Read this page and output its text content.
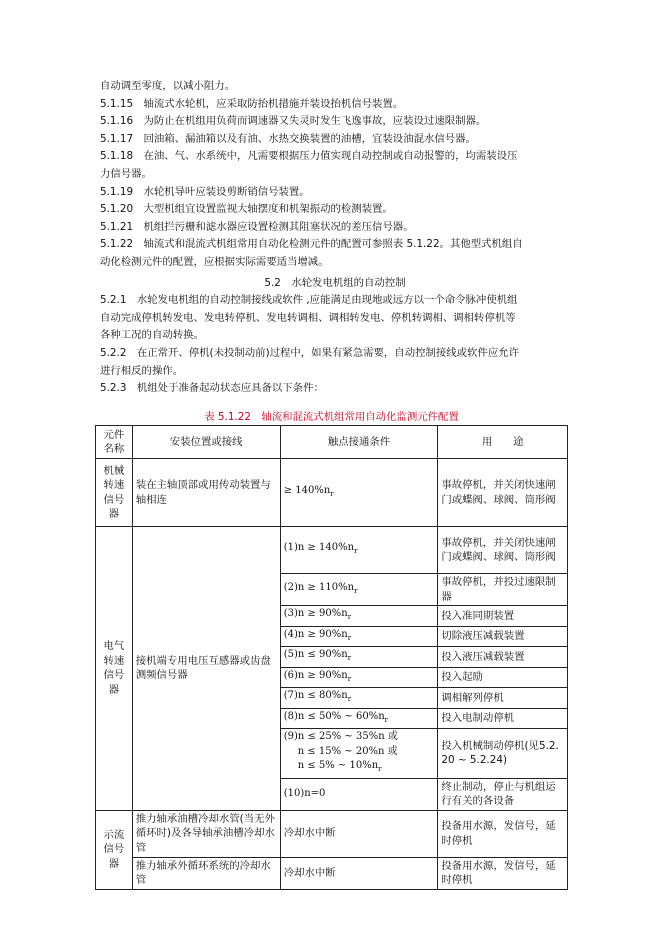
自动调至零度，以减小阻力。
5.1.15　轴流式水轮机，应采取防抬机措施并装设抬机信号装置。
5.1.16　为防止在机组用负荷而调速器又失灵时发生飞逸事故，应装设过速限制器。
5.1.17　回油箱、漏油箱以及有油、水热交换装置的油槽，宜装设油混水信号器。
5.1.18　在油、气、水系统中，凡需要根据压力值实现自动控制或自动报警的，均需装设压
力信号器。
5.1.19　水轮机导叶应装设剪断销信号装置。
5.1.20　大型机组宜设置监视大轴摆度和机架振动的检测装置。
5.1.21　机组拦污栅和滤水器应设置检测其阻塞状况的差压信号器。
5.1.22　轴流式和混流式机组常用自动化检测元件的配置可参照表 5.1.22。其他型式机组自
动化检测元件的配置，应根据实际需要适当增减。
5.2　水轮发电机组的自动控制
5.2.1　水轮发电机组的自动控制接线或软件 ,应能满足由现地或远方以一个命令脉冲使机组
自动完成停机转发电、发电转停机、发电转调相、调相转发电、停机转调相、调相转停机等
各种工况的自动转换。
5.2.2　在正常开、停机(未投制动前)过程中，如果有紧急需要，自动控制接线或软件应允许
进行相反的操作。
5.2.3　机组处于准备起动状态应具备以下条件：
表 5.1.22　轴流和混流式机组常用自动化监测元件配置
元件名称	安装位置或接线	触点接通条件	用　　途
机械转速信号器	装在主轴顶部或用传动装置与轴相连	≥ $140\%n_r$	事故停机，并关闭快速闸门或蝶阀、球阀、筒形阀
电气转速信号器	接机端专用电压互感器或齿盘测频信号器	$(1)n \ge 140\%n_r$	事故停机，并关闭快速闸门或蝶阀、球阀、筒形阀
		$(2)n \ge 110\%n_r$	事故停机，并投过速限制器
		$(3)n \ge 90\%n_r$	投入准同期装置
		$(4)n \ge 90\%n_r$	切除液压减载装置
		$(5)n \le 90\%n_r$	投入液压减载装置
		$(6)n \ge 90\%n_r$	投入起励
		$(7)n \le 80\%n_r$	调相解列停机
		(8)n ≤ 50% ~ $60\%n_r$	投入电制动停机

		(9)n ≤ 25% ~ 35%n 或
n ≤ 15% ~ 20%n 或
n ≤ 5% ~ $10\%n_r$	投入机械制动停机(见5.2.20 ~ 5.2.24)
		(10)n=0	终止制动，停止与机组运行有关的各设备
示流信号器	推力轴承油槽冷却水管(当无外循环时)及各导轴承油槽冷却水管	冷却水中断	投备用水源，发信号，延时停机
	推力轴承外循环系统的冷却水管	冷却水中断	投备用水源，发信号，延时停机
